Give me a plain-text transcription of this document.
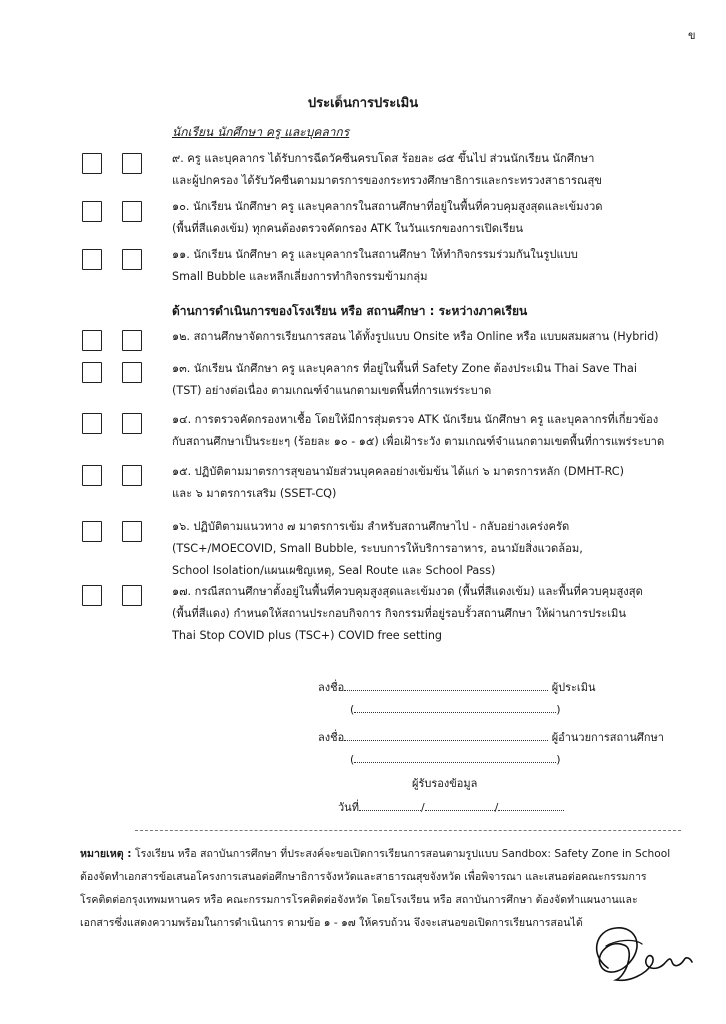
ข
ประเด็นการประเมิน
นักเรียน นักศึกษา ครู และบุคลากร
๙. ครู และบุคลากร ได้รับการฉีดวัคซีนครบโดส ร้อยละ ๘๕ ขึ้นไป ส่วนนักเรียน นักศึกษา
และผู้ปกครอง ได้รับวัคซีนตามมาตรการของกระทรวงศึกษาธิการและกระทรวงสาธารณสุข
๑๐. นักเรียน นักศึกษา ครู และบุคลากรในสถานศึกษาที่อยู่ในพื้นที่ควบคุมสูงสุดและเข้มงวด
(พื้นที่สีแดงเข้ม) ทุกคนต้องตรวจคัดกรอง ATK ในวันแรกของการเปิดเรียน
๑๑. นักเรียน นักศึกษา ครู และบุคลากรในสถานศึกษา ให้ทำกิจกรรมร่วมกันในรูปแบบ
Small Bubble และหลีกเลี่ยงการทำกิจกรรมข้ามกลุ่ม
ด้านการดำเนินการของโรงเรียน หรือ สถานศึกษา : ระหว่างภาคเรียน
๑๒. สถานศึกษาจัดการเรียนการสอน ได้ทั้งรูปแบบ Onsite หรือ Online หรือ แบบผสมผสาน (Hybrid)
๑๓. นักเรียน นักศึกษา ครู และบุคลากร ที่อยู่ในพื้นที่ Safety Zone ต้องประเมิน Thai Save Thai
(TST) อย่างต่อเนื่อง ตามเกณฑ์จำแนกตามเขตพื้นที่การแพร่ระบาด
๑๔. การตรวจคัดกรองหาเชื้อ โดยให้มีการสุ่มตรวจ ATK นักเรียน นักศึกษา ครู และบุคลากรที่เกี่ยวข้อง
กับสถานศึกษาเป็นระยะๆ (ร้อยละ ๑๐ - ๑๕) เพื่อเฝ้าระวัง ตามเกณฑ์จำแนกตามเขตพื้นที่การแพร่ระบาด
๑๕. ปฏิบัติตามมาตรการสุขอนามัยส่วนบุคคลอย่างเข้มข้น ได้แก่ ๖ มาตรการหลัก (DMHT-RC)
และ ๖ มาตรการเสริม (SSET-CQ)
๑๖. ปฏิบัติตามแนวทาง ๗ มาตรการเข้ม สำหรับสถานศึกษาไป - กลับอย่างเคร่งครัด
(TSC+/MOECOVID, Small Bubble, ระบบการให้บริการอาหาร, อนามัยสิ่งแวดล้อม,
School Isolation/แผนเผชิญเหตุ, Seal Route และ School Pass)
๑๗. กรณีสถานศึกษาตั้งอยู่ในพื้นที่ควบคุมสูงสุดและเข้มงวด (พื้นที่สีแดงเข้ม) และพื้นที่ควบคุมสูงสุด
(พื้นที่สีแดง) กำหนดให้สถานประกอบกิจการ กิจกรรมที่อยู่รอบรั้วสถานศึกษา ให้ผ่านการประเมิน
Thai Stop COVID plus (TSC+) COVID free setting
ลงชื่อ	ผู้ประเมิน
(	)
ลงชื่อ	ผู้อำนวยการสถานศึกษา
(	)
ผู้รับรองข้อมูล
วันที่	/	/
หมายเหตุ : โรงเรียน หรือ สถาบันการศึกษา ที่ประสงค์จะขอเปิดการเรียนการสอนตามรูปแบบ Sandbox: Safety Zone in School
ต้องจัดทำเอกสารข้อเสนอโครงการเสนอต่อศึกษาธิการจังหวัดและสาธารณสุขจังหวัด เพื่อพิจารณา และเสนอต่อคณะกรรมการ
โรคติดต่อกรุงเทพมหานคร หรือ คณะกรรมการโรคติดต่อจังหวัด โดยโรงเรียน หรือ สถาบันการศึกษา ต้องจัดทำแผนงานและ
เอกสารซึ่งแสดงความพร้อมในการดำเนินการ ตามข้อ ๑ - ๑๗ ให้ครบถ้วน จึงจะเสนอขอเปิดการเรียนการสอนได้
